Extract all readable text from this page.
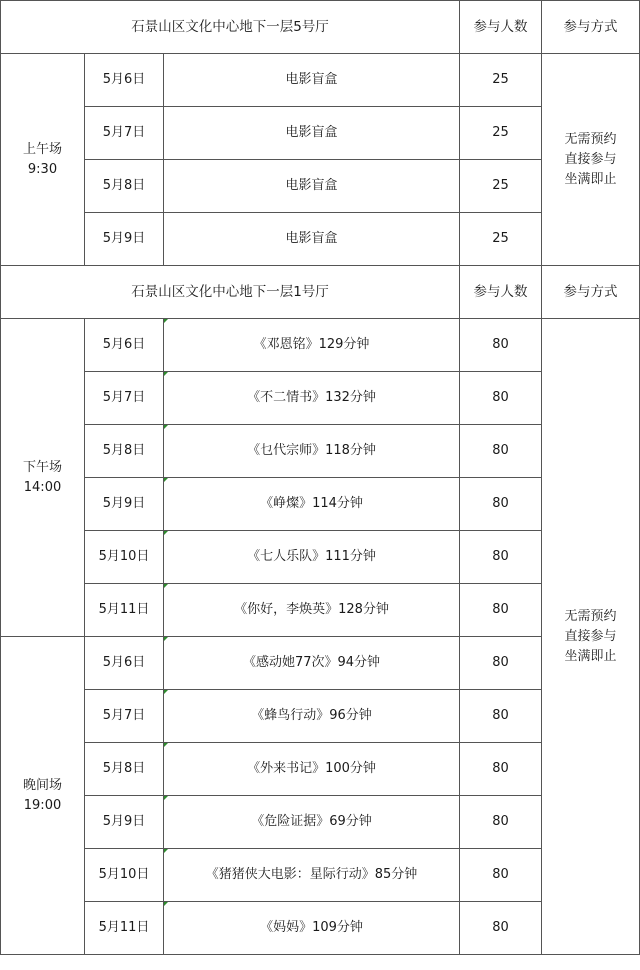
石景山区文化中心地下一层5号厅			参与人数	参与方式
上午场
9:30	5月6日	电影盲盒	25	无需预约
直接参与
坐满即止
	5月7日	电影盲盒	25	
	5月8日	电影盲盒	25	
	5月9日	电影盲盒	25	
石景山区文化中心地下一层1号厅			参与人数	参与方式
下午场
14:00	5月6日	《邓恩铭》129分钟	80	无需预约
直接参与
坐满即止
	5月7日	《不二情书》132分钟	80	
	5月8日	《乜代宗师》118分钟	80	
	5月9日	《峥燦》114分钟	80	
	5月10日	《七人乐队》111分钟	80	
	5月11日	《你好，李焕英》128分钟	80	
晚间场
19:00	5月6日	《感动她77次》94分钟	80	
	5月7日	《蜂鸟行动》96分钟	80	
	5月8日	《外来书记》100分钟	80	
	5月9日	《危险证据》69分钟	80	
	5月10日	《猪猪侠大电影：星际行动》85分钟	80	
	5月11日	《妈妈》109分钟	80	
